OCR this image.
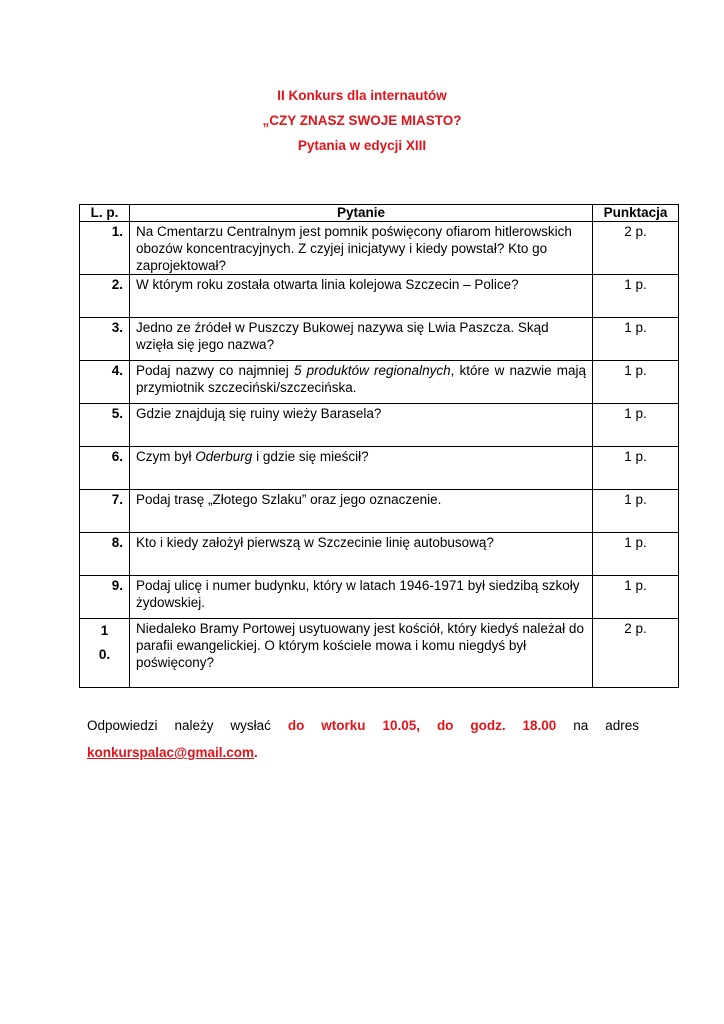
II Konkurs dla internautów
„CZY ZNASZ SWOJE MIASTO?
Pytania w edycji XIII
L. p.	Pytanie	Punktacja
1.	Na Cmentarzu Centralnym jest pomnik poświęcony ofiarom hitlerowskich obozów koncentracyjnych. Z czyjej inicjatywy i kiedy powstał? Kto go zaprojektował?	2 p.
2.	W którym roku została otwarta linia kolejowa Szczecin – Police?	1 p.
3.	Jedno ze źródeł w Puszczy Bukowej nazywa się Lwia Paszcza. Skąd wzięła się jego nazwa?	1 p.
4.	Podaj nazwy co najmniej 5 produktów regionalnych, które w nazwie mają przymiotnik szczeciński/szczecińska.	1 p.
5.	Gdzie znajdują się ruiny wieży Barasela?	1 p.
6.	Czym był Oderburg i gdzie się mieścił?	1 p.
7.	Podaj trasę „Złotego Szlaku” oraz jego oznaczenie.	1 p.
8.	Kto i kiedy założył pierwszą w Szczecinie linię autobusową?	1 p.
9.	Podaj ulicę i numer budynku, który w latach 1946-1971 był siedzibą szkoły żydowskiej.	1 p.

1
0.	Niedaleko Bramy Portowej usytuowany jest kościół, który kiedyś należał do parafii ewangelickiej. O którym kościele mowa i komu niegdyś był poświęcony?	2 p.
Odpowiedzi należy wysłać do wtorku 10.05, do godz. 18.00 na adres
konkurspalac@gmail.com.
